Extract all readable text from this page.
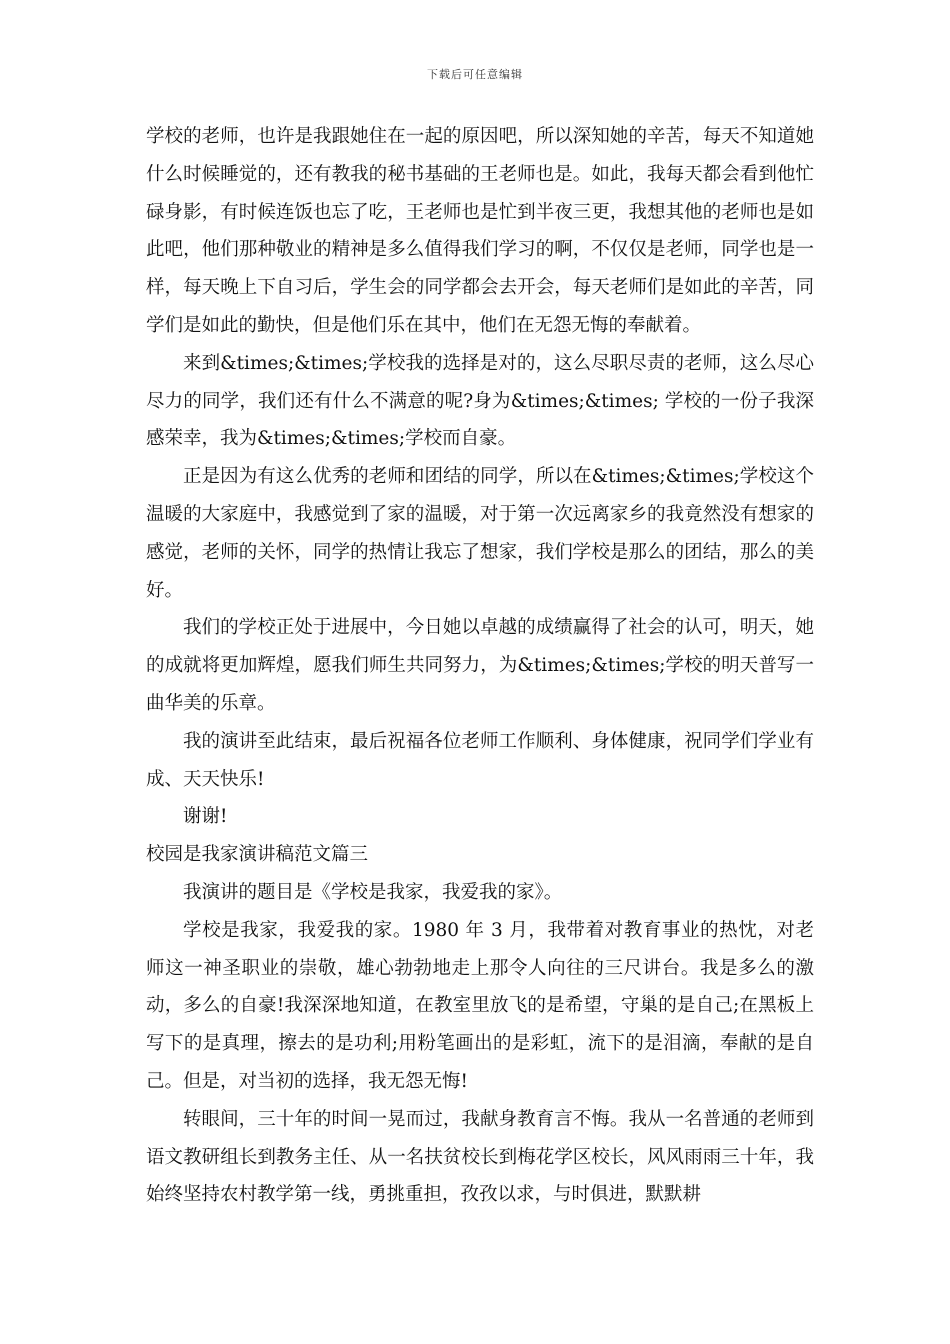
下载后可任意编辑

学校的老师，也许是我跟她住在一起的原因吧，所以深知她的辛苦，每天不知道她什么时候睡觉的，还有教我的秘书基础的王老师也是。如此，我每天都会看到他忙碌身影，有时候连饭也忘了吃，王老师也是忙到半夜三更，我想其他的老师也是如此吧，他们那种敬业的精神是多么值得我们学习的啊，不仅仅是老师，同学也是一样，每天晚上下自习后，学生会的同学都会去开会，每天老师们是如此的辛苦，同学们是如此的勤快，但是他们乐在其中，他们在无怨无悔的奉献着。

来到&times;&times;学校我的选择是对的，这么尽职尽责的老师，这么尽心尽力的同学，我们还有什么不满意的呢?身为&times;&times; 学校的一份子我深感荣幸，我为&times;&times;学校而自豪。

正是因为有这么优秀的老师和团结的同学，所以在&times;&times;学校这个温暖的大家庭中，我感觉到了家的温暖，对于第一次远离家乡的我竟然没有想家的感觉，老师的关怀，同学的热情让我忘了想家，我们学校是那么的团结，那么的美好。

我们的学校正处于进展中，今日她以卓越的成绩赢得了社会的认可，明天，她的成就将更加辉煌，愿我们师生共同努力，为&times;&times;学校的明天普写一曲华美的乐章。

我的演讲至此结束，最后祝福各位老师工作顺利、身体健康，祝同学们学业有成、天天快乐!

谢谢!

校园是我家演讲稿范文篇三

我演讲的题目是《学校是我家，我爱我的家》。

学校是我家，我爱我的家。1980 年 3 月，我带着对教育事业的热忱，对老师这一神圣职业的崇敬，雄心勃勃地走上那令人向往的三尺讲台。我是多么的激动，多么的自豪!我深深地知道，在教室里放飞的是希望，守巢的是自己;在黑板上写下的是真理，擦去的是功利;用粉笔画出的是彩虹，流下的是泪滴，奉献的是自己。但是，对当初的选择，我无怨无悔!

转眼间，三十年的时间一晃而过，我献身教育言不悔。我从一名普通的老师到语文教研组长到教务主任、从一名扶贫校长到梅花学区校长，风风雨雨三十年，我始终坚持农村教学第一线，勇挑重担，孜孜以求，与时俱进，默默耕
